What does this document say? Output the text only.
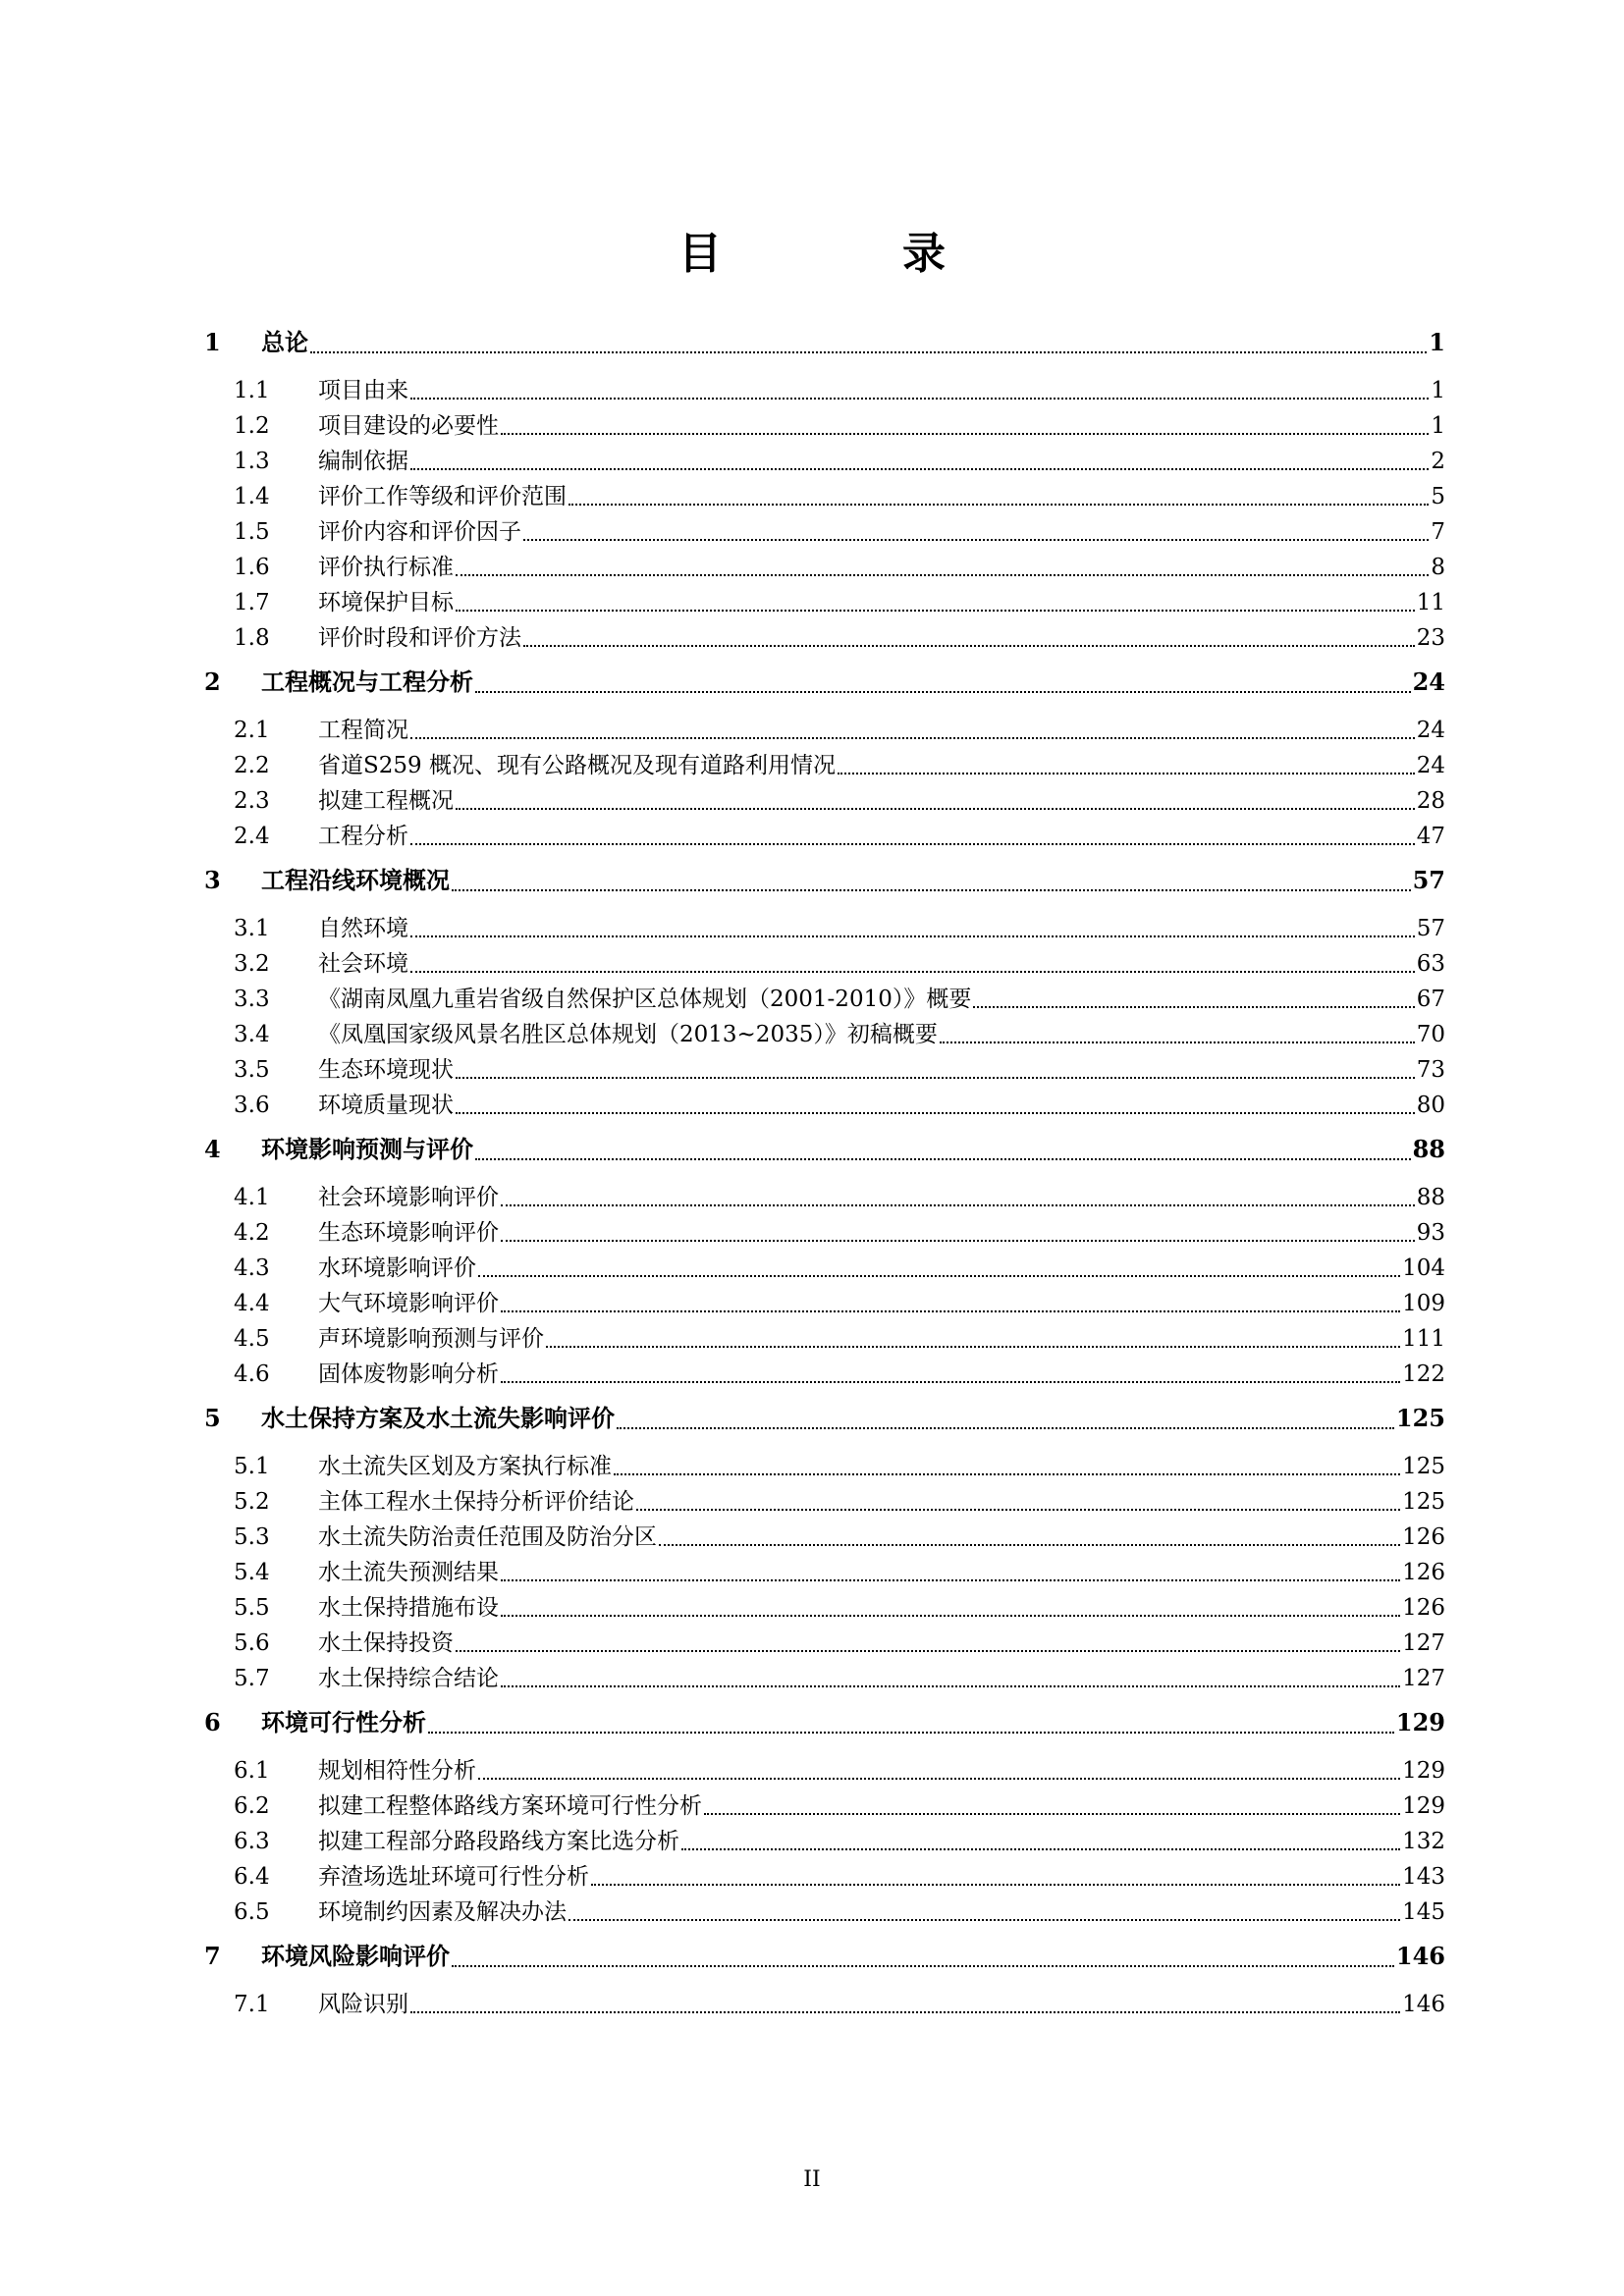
目　录
1	总论	1
1.1	项目由来	1
1.2	项目建设的必要性	1
1.3	编制依据	2
1.4	评价工作等级和评价范围	5
1.5	评价内容和评价因子	7
1.6	评价执行标准	8
1.7	环境保护目标	11
1.8	评价时段和评价方法	23
2	工程概况与工程分析	24
2.1	工程简况	24
2.2	省道S259 概况、现有公路概况及现有道路利用情况	24
2.3	拟建工程概况	28
2.4	工程分析	47
3	工程沿线环境概况	57
3.1	自然环境	57
3.2	社会环境	63
3.3	《湖南凤凰九重岩省级自然保护区总体规划（2001-2010）》概要	67
3.4	《凤凰国家级风景名胜区总体规划（2013~2035）》初稿概要	70
3.5	生态环境现状	73
3.6	环境质量现状	80
4	环境影响预测与评价	88
4.1	社会环境影响评价	88
4.2	生态环境影响评价	93
4.3	水环境影响评价	104
4.4	大气环境影响评价	109
4.5	声环境影响预测与评价	111
4.6	固体废物影响分析	122
5	水土保持方案及水土流失影响评价	125
5.1	水土流失区划及方案执行标准	125
5.2	主体工程水土保持分析评价结论	125
5.3	水土流失防治责任范围及防治分区	126
5.4	水土流失预测结果	126
5.5	水土保持措施布设	126
5.6	水土保持投资	127
5.7	水土保持综合结论	127
6	环境可行性分析	129
6.1	规划相符性分析	129
6.2	拟建工程整体路线方案环境可行性分析	129
6.3	拟建工程部分路段路线方案比选分析	132
6.4	弃渣场选址环境可行性分析	143
6.5	环境制约因素及解决办法	145
7	环境风险影响评价	146
7.1	风险识别	146
II
